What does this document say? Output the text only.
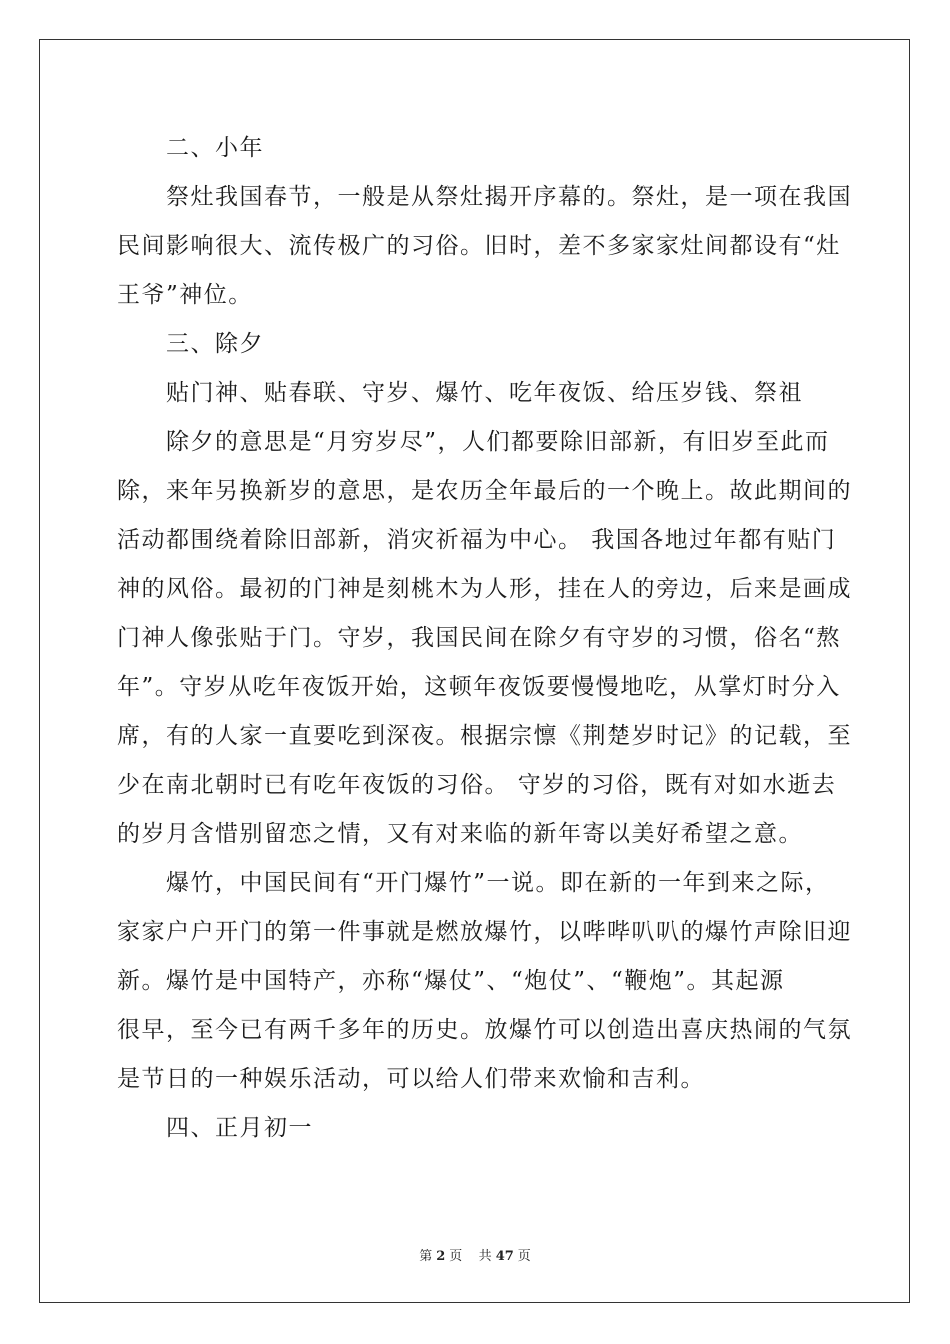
二、小年
祭灶我国春节，一般是从祭灶揭开序幕的。祭灶，是一项在我国
民间影响很大、流传极广的习俗。旧时，差不多家家灶间都设有“灶
王爷”神位。
三、除夕
贴门神、贴春联、守岁、爆竹、吃年夜饭、给压岁钱、祭祖
除夕的意思是“月穷岁尽”，人们都要除旧部新，有旧岁至此而
除，来年另换新岁的意思，是农历全年最后的一个晚上。故此期间的
活动都围绕着除旧部新，消灾祈福为中心。 我国各地过年都有贴门
神的风俗。最初的门神是刻桃木为人形，挂在人的旁边，后来是画成
门神人像张贴于门。守岁，我国民间在除夕有守岁的习惯，俗名“熬
年”。守岁从吃年夜饭开始，这顿年夜饭要慢慢地吃，从掌灯时分入
席，有的人家一直要吃到深夜。根据宗懔《荆楚岁时记》的记载，至
少在南北朝时已有吃年夜饭的习俗。 守岁的习俗，既有对如水逝去
的岁月含惜别留恋之情，又有对来临的新年寄以美好希望之意。
爆竹，中国民间有“开门爆竹”一说。即在新的一年到来之际，
家家户户开门的第一件事就是燃放爆竹，以哔哔叭叭的爆竹声除旧迎
新。爆竹是中国特产，亦称“爆仗”、“炮仗”、“鞭炮”。其起源
很早，至今已有两千多年的历史。放爆竹可以创造出喜庆热闹的气氛
是节日的一种娱乐活动，可以给人们带来欢愉和吉利。
四、正月初一
第 2 页 共 47 页
